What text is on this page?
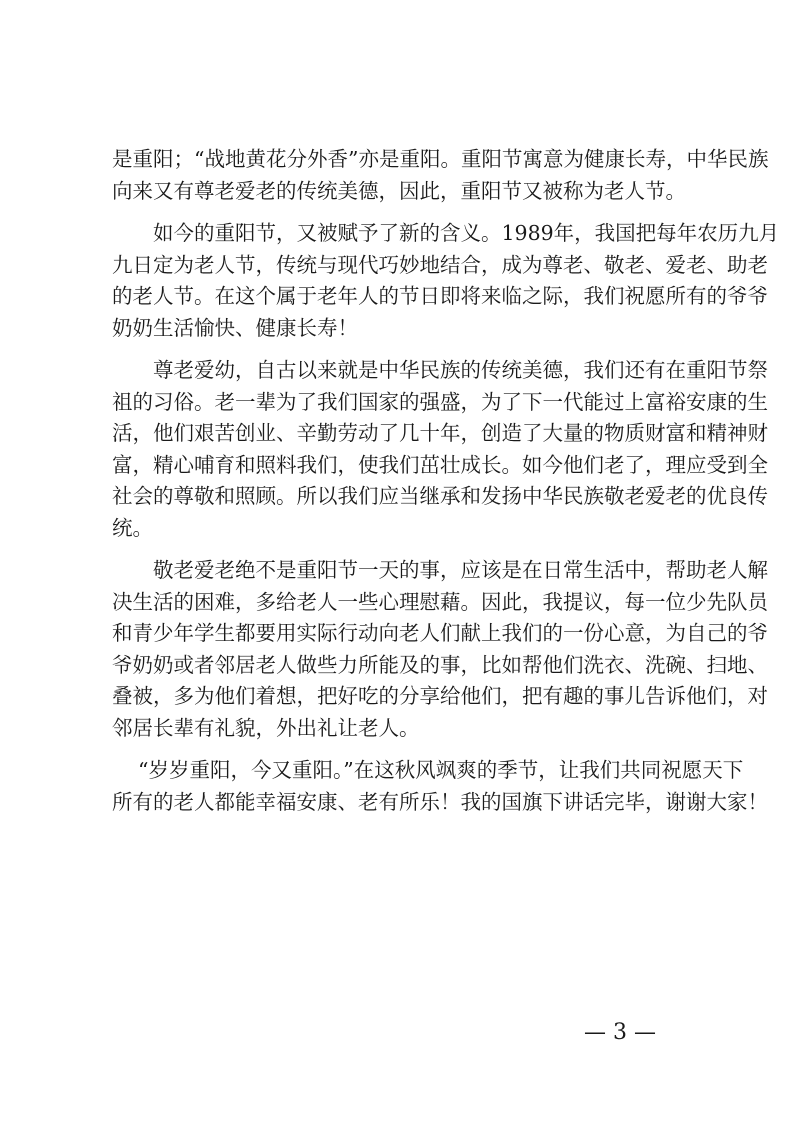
是重阳；“战地黄花分外香”亦是重阳。重阳节寓意为健康长寿，中华民族
向来又有尊老爱老的传统美德，因此，重阳节又被称为老人节。
如今的重阳节，又被赋予了新的含义。1989年，我国把每年农历九月
九日定为老人节，传统与现代巧妙地结合，成为尊老、敬老、爱老、助老
的老人节。在这个属于老年人的节日即将来临之际，我们祝愿所有的爷爷
奶奶生活愉快、健康长寿！
尊老爱幼，自古以来就是中华民族的传统美德，我们还有在重阳节祭
祖的习俗。老一辈为了我们国家的强盛，为了下一代能过上富裕安康的生
活，他们艰苦创业、辛勤劳动了几十年，创造了大量的物质财富和精神财
富，精心哺育和照料我们，使我们茁壮成长。如今他们老了，理应受到全
社会的尊敬和照顾。所以我们应当继承和发扬中华民族敬老爱老的优良传
统。
敬老爱老绝不是重阳节一天的事，应该是在日常生活中，帮助老人解
决生活的困难，多给老人一些心理慰藉。因此，我提议，每一位少先队员
和青少年学生都要用实际行动向老人们献上我们的一份心意，为自己的爷
爷奶奶或者邻居老人做些力所能及的事，比如帮他们洗衣、洗碗、扫地、
叠被，多为他们着想，把好吃的分享给他们，把有趣的事儿告诉他们，对
邻居长辈有礼貌，外出礼让老人。
“岁岁重阳，今又重阳。”在这秋风飒爽的季节，让我们共同祝愿天下
所有的老人都能幸福安康、老有所乐！我的国旗下讲话完毕，谢谢大家！
— 3 —
